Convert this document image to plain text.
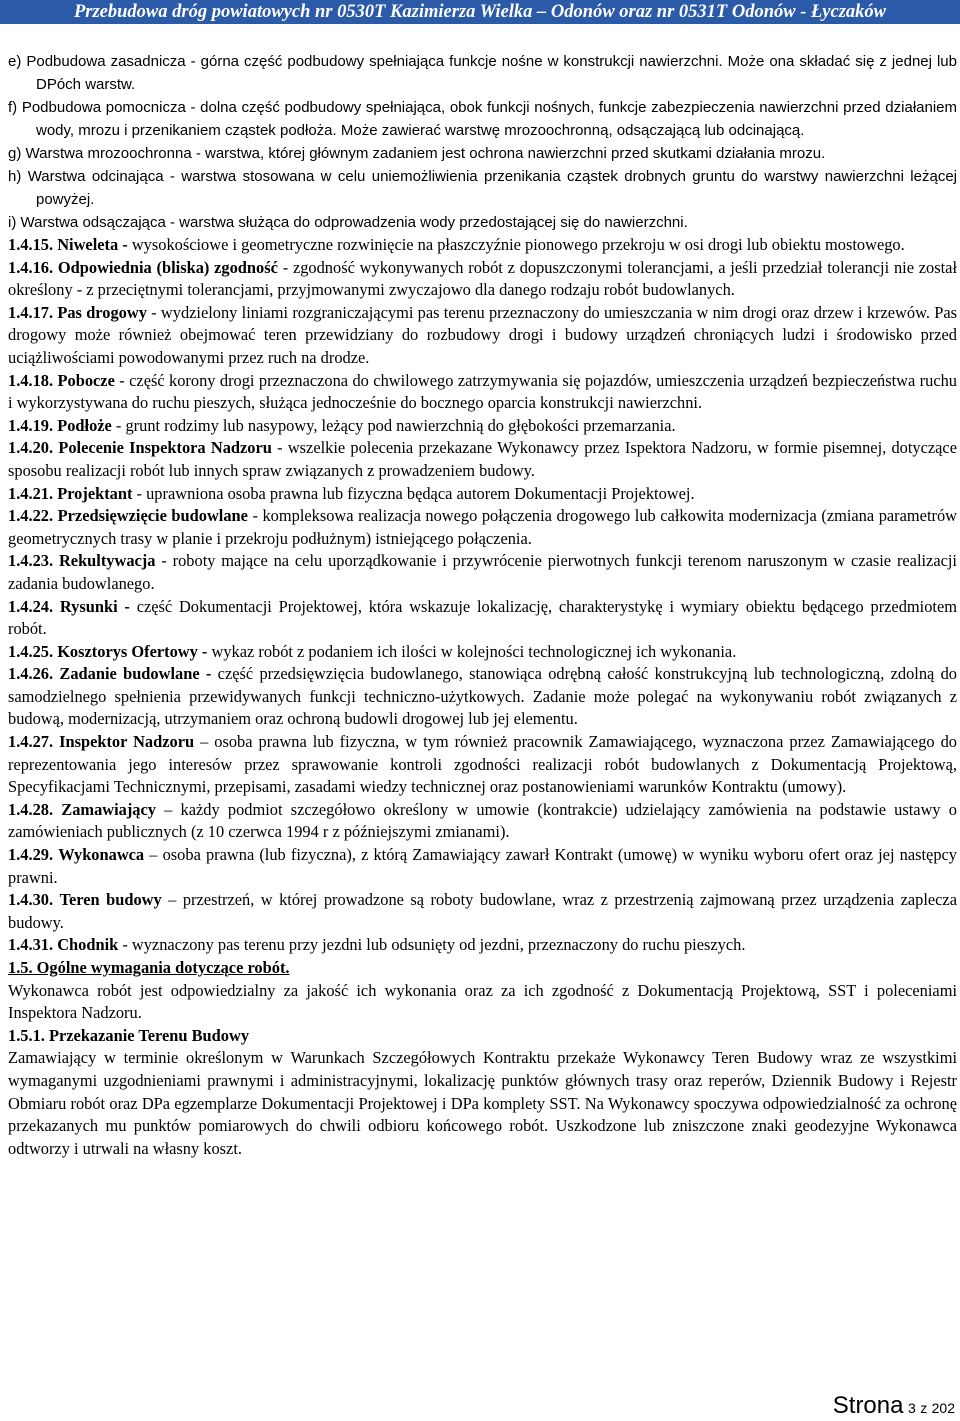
Przebudowa dróg powiatowych nr 0530T Kazimierza Wielka – Odonów oraz nr 0531T Odonów - Łyczaków

e) Podbudowa zasadnicza - górna część podbudowy spełniająca funkcje nośne w konstrukcji nawierzchni. Może ona składać się z jednej lub DPóch warstw.

f) Podbudowa pomocnicza - dolna część podbudowy spełniająca, obok funkcji nośnych, funkcje zabezpieczenia nawierzchni przed działaniem wody, mrozu i przenikaniem cząstek podłoża. Może zawierać warstwę mrozoochronną, odsączającą lub odcinającą.

g) Warstwa mrozoochronna - warstwa, której głównym zadaniem jest ochrona nawierzchni przed skutkami działania mrozu.

h) Warstwa odcinająca - warstwa stosowana w celu uniemożliwienia przenikania cząstek drobnych gruntu do warstwy nawierzchni leżącej powyżej.

i) Warstwa odsączająca - warstwa służąca do odprowadzenia wody przedostającej się do nawierzchni.

1.4.15. Niweleta - wysokościowe i geometryczne rozwinięcie na płaszczyźnie pionowego przekroju w osi drogi lub obiektu mostowego.

1.4.16. Odpowiednia (bliska) zgodność - zgodność wykonywanych robót z dopuszczonymi tolerancjami, a jeśli przedział tolerancji nie został określony - z przeciętnymi tolerancjami, przyjmowanymi zwyczajowo dla danego rodzaju robót budowlanych.

1.4.17. Pas drogowy - wydzielony liniami rozgraniczającymi pas terenu przeznaczony do umieszczania w nim drogi oraz drzew i krzewów. Pas drogowy może również obejmować teren przewidziany do rozbudowy drogi i budowy urządzeń chroniących ludzi i środowisko przed uciążliwościami powodowanymi przez ruch na drodze.

1.4.18. Pobocze - część korony drogi przeznaczona do chwilowego zatrzymywania się pojazdów, umieszczenia urządzeń bezpieczeństwa ruchu i wykorzystywana do ruchu pieszych, służąca jednocześnie do bocznego oparcia konstrukcji nawierzchni.

1.4.19. Podłoże - grunt rodzimy lub nasypowy, leżący pod nawierzchnią do głębokości przemarzania.

1.4.20. Polecenie Inspektora Nadzoru - wszelkie polecenia przekazane Wykonawcy przez Ispektora Nadzoru, w formie pisemnej, dotyczące sposobu realizacji robót lub innych spraw związanych z prowadzeniem budowy.

1.4.21. Projektant - uprawniona osoba prawna lub fizyczna będąca autorem Dokumentacji Projektowej.

1.4.22. Przedsięwzięcie budowlane - kompleksowa realizacja nowego połączenia drogowego lub całkowita modernizacja (zmiana parametrów geometrycznych trasy w planie i przekroju podłużnym) istniejącego połączenia.

1.4.23. Rekultywacja - roboty mające na celu uporządkowanie i przywrócenie pierwotnych funkcji terenom naruszonym w czasie realizacji zadania budowlanego.

1.4.24. Rysunki - część Dokumentacji Projektowej, która wskazuje lokalizację, charakterystykę i wymiary obiektu będącego przedmiotem robót.

1.4.25. Kosztorys Ofertowy - wykaz robót z podaniem ich ilości w kolejności technologicznej ich wykonania.

1.4.26. Zadanie budowlane - część przedsięwzięcia budowlanego, stanowiąca odrębną całość konstrukcyjną lub technologiczną, zdolną do samodzielnego spełnienia przewidywanych funkcji techniczno-użytkowych. Zadanie może polegać na wykonywaniu robót związanych z budową, modernizacją, utrzymaniem oraz ochroną budowli drogowej lub jej elementu.

1.4.27. Inspektor Nadzoru – osoba prawna lub fizyczna, w tym również pracownik Zamawiającego, wyznaczona przez Zamawiającego do reprezentowania jego interesów przez sprawowanie kontroli zgodności realizacji robót budowlanych z Dokumentacją Projektową, Specyfikacjami Technicznymi, przepisami, zasadami wiedzy technicznej oraz postanowieniami warunków Kontraktu (umowy).

1.4.28. Zamawiający – każdy podmiot szczegółowo określony w umowie (kontrakcie) udzielający zamówienia na podstawie ustawy o zamówieniach publicznych (z 10 czerwca 1994 r z późniejszymi zmianami).

1.4.29. Wykonawca – osoba prawna (lub fizyczna), z którą Zamawiający zawarł Kontrakt (umowę) w wyniku wyboru ofert oraz jej następcy prawni.

1.4.30. Teren budowy – przestrzeń, w której prowadzone są roboty budowlane, wraz z przestrzenią zajmowaną przez urządzenia zaplecza budowy.

1.4.31. Chodnik - wyznaczony pas terenu przy jezdni lub odsunięty od jezdni, przeznaczony do ruchu pieszych.

1.5. Ogólne wymagania dotyczące robót.

Wykonawca robót jest odpowiedzialny za jakość ich wykonania oraz za ich zgodność z Dokumentacją Projektową, SST i poleceniami Inspektora Nadzoru.

1.5.1. Przekazanie Terenu Budowy

Zamawiający w terminie określonym w Warunkach Szczegółowych Kontraktu przekaże Wykonawcy Teren Budowy wraz ze wszystkimi wymaganymi uzgodnieniami prawnymi i administracyjnymi, lokalizację punktów głównych trasy oraz reperów, Dziennik Budowy i Rejestr Obmiaru robót oraz DPa egzemplarze Dokumentacji Projektowej i DPa komplety SST. Na Wykonawcy spoczywa odpowiedzialność za ochronę przekazanych mu punktów pomiarowych do chwili odbioru końcowego robót. Uszkodzone lub zniszczone znaki geodezyjne Wykonawca odtworzy i utrwali na własny koszt.

Strona 3 z 202
